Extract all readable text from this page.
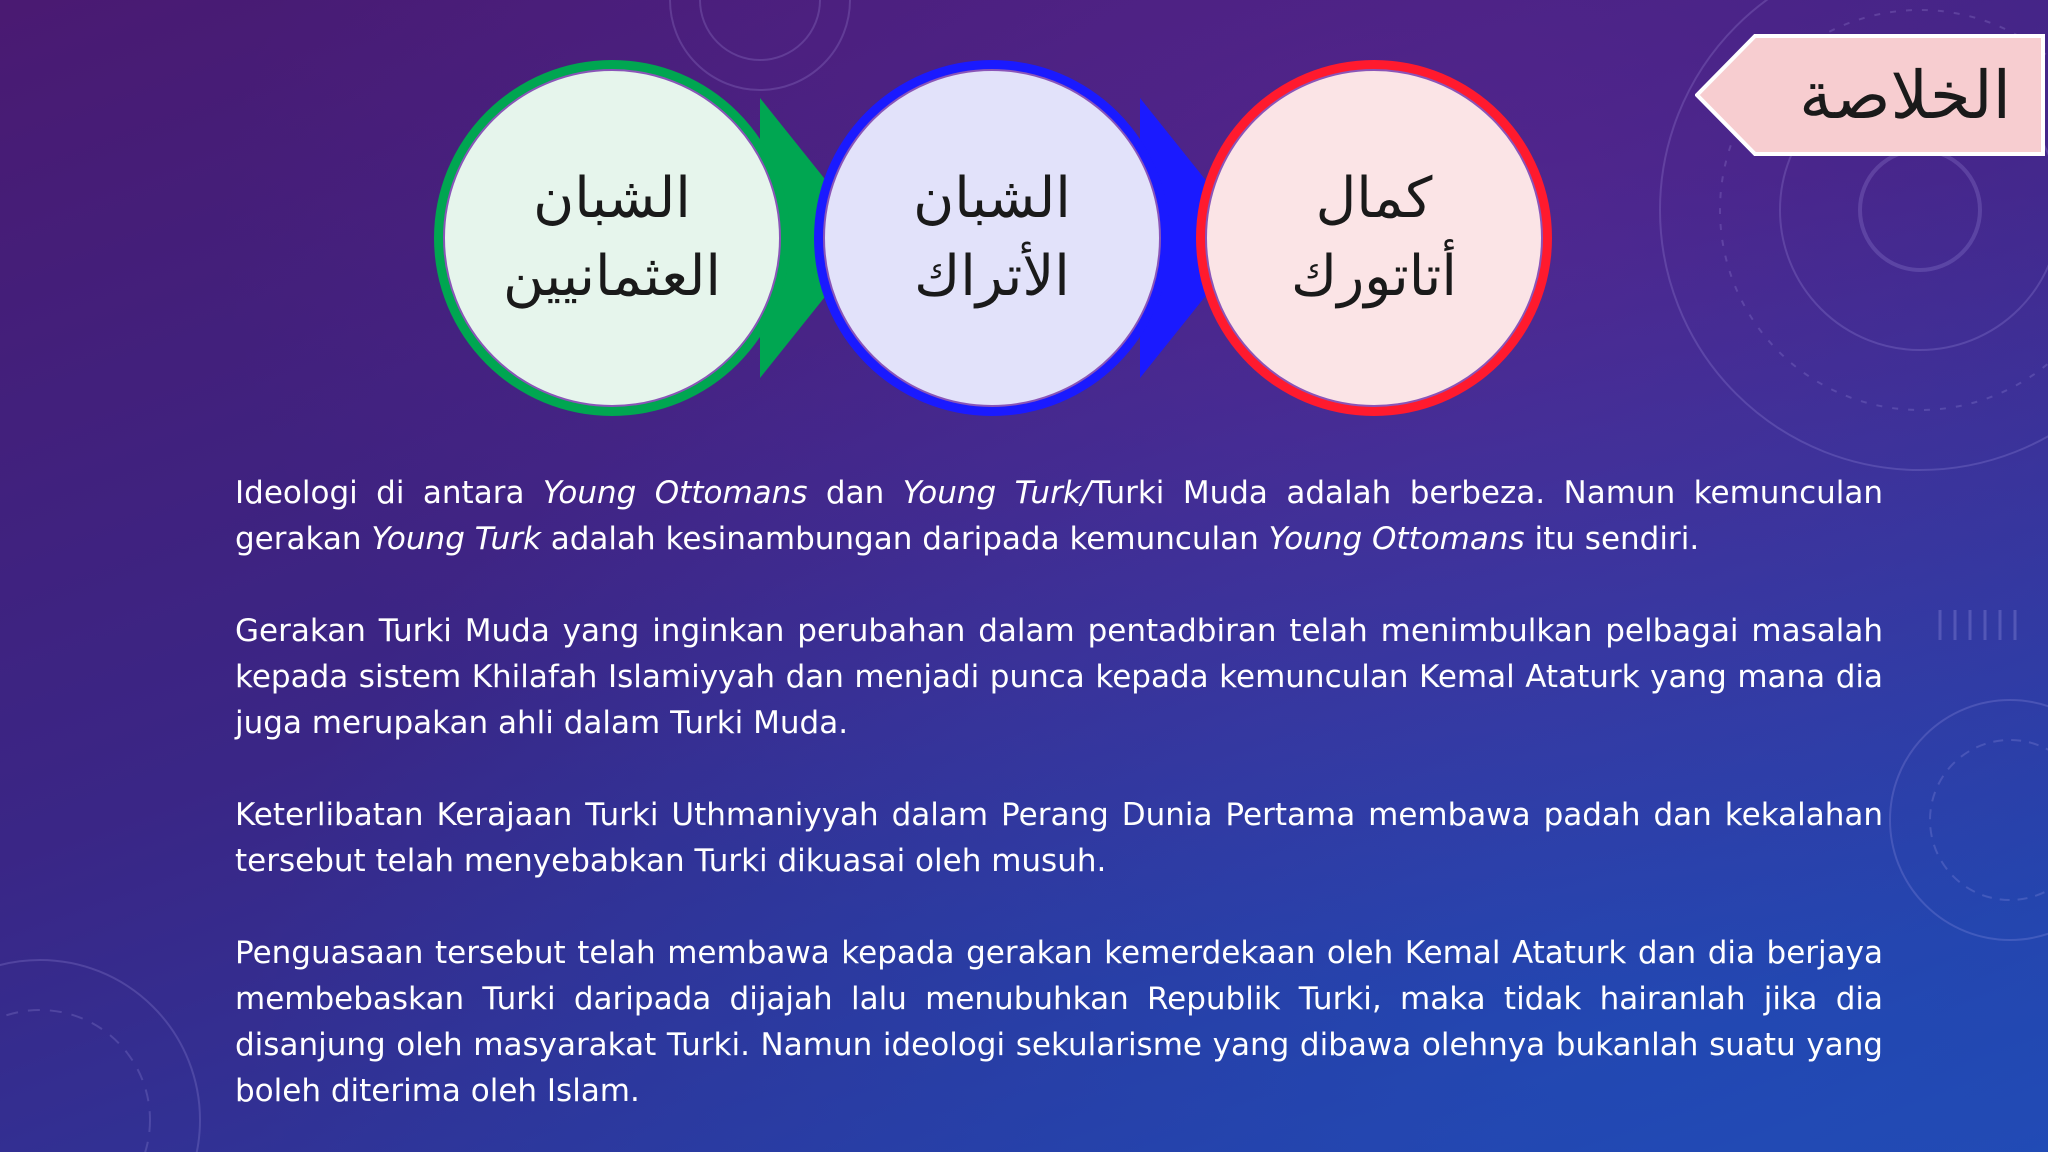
الخلاصة
الشبان
العثمانيين
الشبان
الأتراك
كمال
أتاتورك

Ideologi di antara Young Ottomans dan Young Turk/Turki Muda adalah berbeza. Namun kemunculan gerakan Young Turk adalah kesinambungan daripada kemunculan Young Ottomans itu sendiri.

Gerakan Turki Muda yang inginkan perubahan dalam pentadbiran telah menimbulkan pelbagai masalah kepada sistem Khilafah Islamiyyah dan menjadi punca kepada kemunculan Kemal Ataturk yang mana dia juga merupakan ahli dalam Turki Muda.

Keterlibatan Kerajaan Turki Uthmaniyyah dalam Perang Dunia Pertama membawa padah dan kekalahan tersebut telah menyebabkan Turki dikuasai oleh musuh.

Penguasaan tersebut telah membawa kepada gerakan kemerdekaan oleh Kemal Ataturk dan dia berjaya membebaskan Turki daripada dijajah lalu menubuhkan Republik Turki, maka tidak hairanlah jika dia disanjung oleh masyarakat Turki. Namun ideologi sekularisme yang dibawa olehnya bukanlah suatu yang boleh diterima oleh Islam.
